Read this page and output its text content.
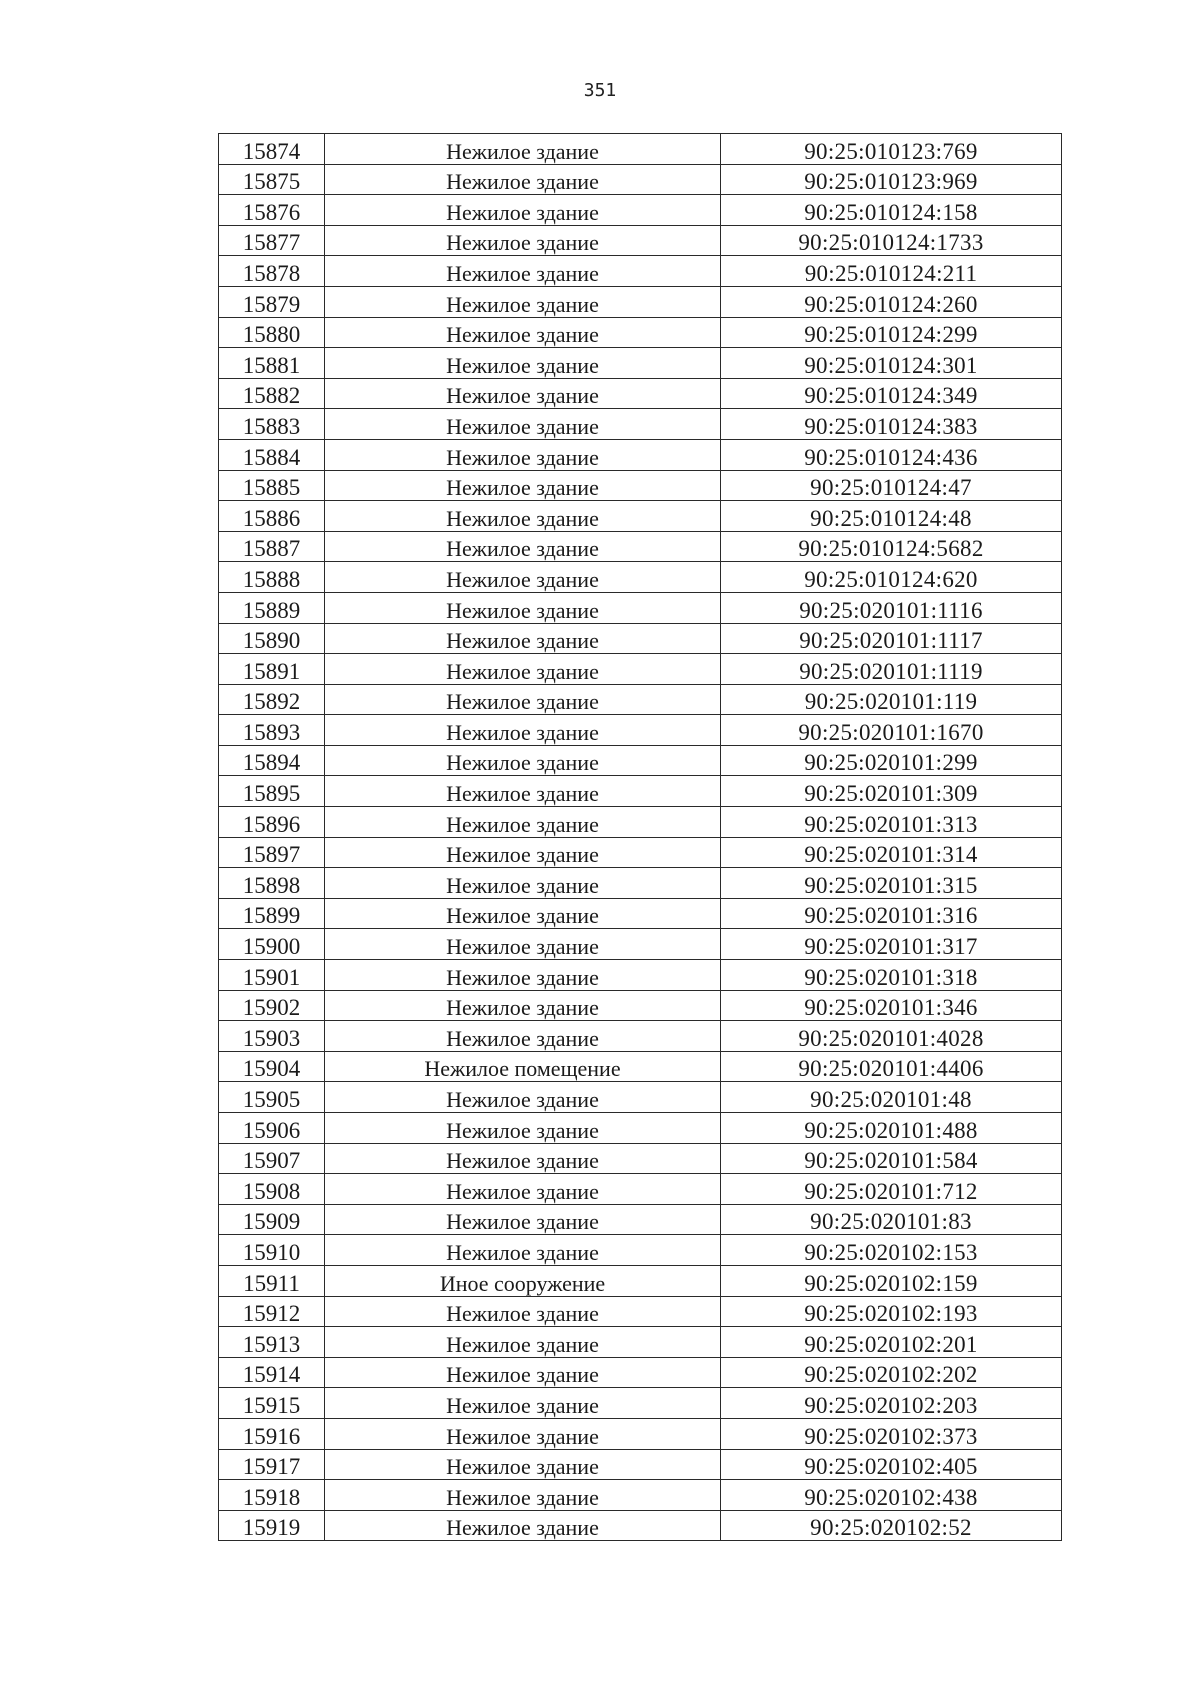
351
15874	Нежилое здание	90:25:010123:769
15875	Нежилое здание	90:25:010123:969
15876	Нежилое здание	90:25:010124:158
15877	Нежилое здание	90:25:010124:1733
15878	Нежилое здание	90:25:010124:211
15879	Нежилое здание	90:25:010124:260
15880	Нежилое здание	90:25:010124:299
15881	Нежилое здание	90:25:010124:301
15882	Нежилое здание	90:25:010124:349
15883	Нежилое здание	90:25:010124:383
15884	Нежилое здание	90:25:010124:436
15885	Нежилое здание	90:25:010124:47
15886	Нежилое здание	90:25:010124:48
15887	Нежилое здание	90:25:010124:5682
15888	Нежилое здание	90:25:010124:620
15889	Нежилое здание	90:25:020101:1116
15890	Нежилое здание	90:25:020101:1117
15891	Нежилое здание	90:25:020101:1119
15892	Нежилое здание	90:25:020101:119
15893	Нежилое здание	90:25:020101:1670
15894	Нежилое здание	90:25:020101:299
15895	Нежилое здание	90:25:020101:309
15896	Нежилое здание	90:25:020101:313
15897	Нежилое здание	90:25:020101:314
15898	Нежилое здание	90:25:020101:315
15899	Нежилое здание	90:25:020101:316
15900	Нежилое здание	90:25:020101:317
15901	Нежилое здание	90:25:020101:318
15902	Нежилое здание	90:25:020101:346
15903	Нежилое здание	90:25:020101:4028
15904	Нежилое помещение	90:25:020101:4406
15905	Нежилое здание	90:25:020101:48
15906	Нежилое здание	90:25:020101:488
15907	Нежилое здание	90:25:020101:584
15908	Нежилое здание	90:25:020101:712
15909	Нежилое здание	90:25:020101:83
15910	Нежилое здание	90:25:020102:153
15911	Иное сооружение	90:25:020102:159
15912	Нежилое здание	90:25:020102:193
15913	Нежилое здание	90:25:020102:201
15914	Нежилое здание	90:25:020102:202
15915	Нежилое здание	90:25:020102:203
15916	Нежилое здание	90:25:020102:373
15917	Нежилое здание	90:25:020102:405
15918	Нежилое здание	90:25:020102:438
15919	Нежилое здание	90:25:020102:52
